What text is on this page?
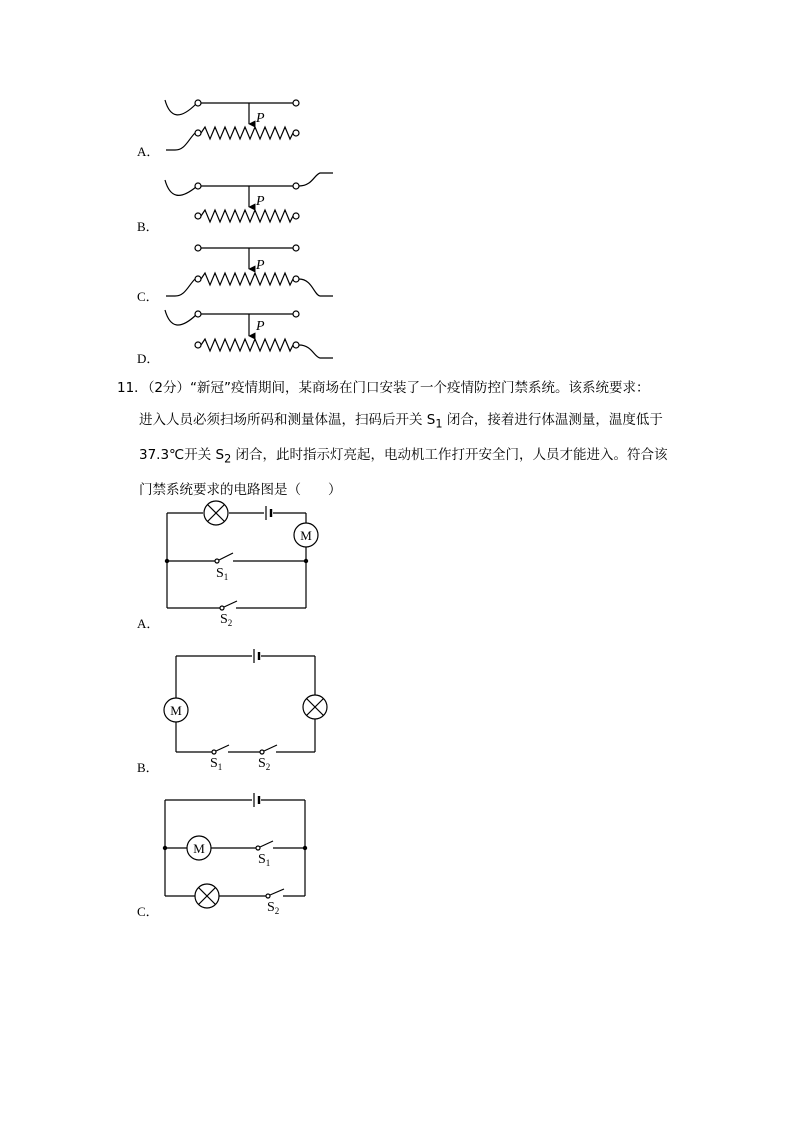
P
P
P
P
A．
B．
C．
D．
11．（2分）“新冠”疫情期间，某商场在门口安装了一个疫情防控门禁系统。该系统要求：
进入人员必须扫场所码和测量体温，扫码后开关 $S_1$ 闭合，接着进行体温测量，温度低于
37.3℃开关 $S_2$ 闭合，此时指示灯亮起，电动机工作打开安全门，人员才能进入。符合该
门禁系统要求的电路图是（　　）
M
M
M
$S_1$
$S_2$
$S_1$	$S_2$
$S_1$
$S_2$
A．
B．
C．
